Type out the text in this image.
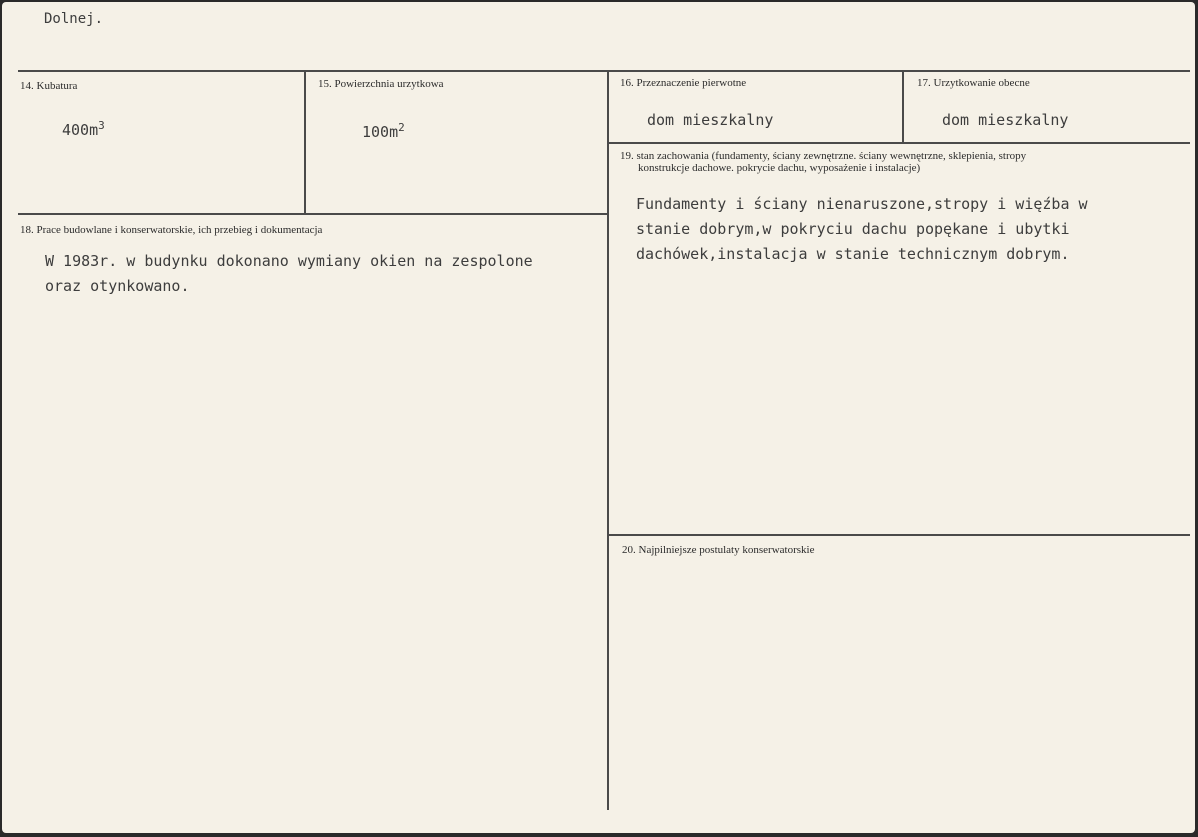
Dolnej.
14. Kubatura
$400m^3$
15. Powierzchnia urzytkowa
$100m^2$
16. Przeznaczenie pierwotne
dom mieszkalny
17. Urzytkowanie obecne
dom mieszkalny
18. Prace budowlane i konserwatorskie, ich przebieg i dokumentacja
W 1983r. w budynku dokonano wymiany okien na zespolone
oraz otynkowano.
19. stan zachowania (fundamenty, ściany zewnętrzne. ściany wewnętrzne, sklepienia, stropy
konstrukcje dachowe. pokrycie dachu, wyposażenie i instalacje)
Fundamenty i ściany nienaruszone,stropy i więźba w
stanie dobrym,w pokryciu dachu popękane i ubytki
dachówek,instalacja w stanie technicznym dobrym.
20. Najpilniejsze postulaty konserwatorskie
